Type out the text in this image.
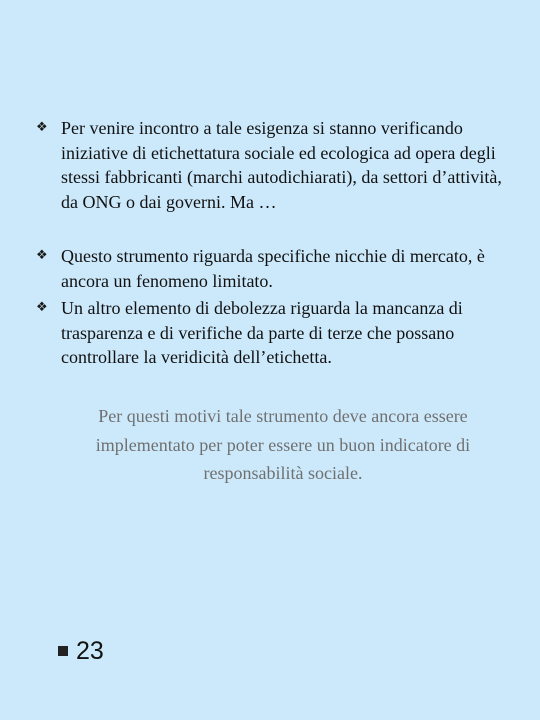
❖ Per venire incontro a tale esigenza si stanno verificando iniziative di etichettatura sociale ed ecologica ad opera degli stessi fabbricanti (marchi autodichiarati), da settori d’attività, da ONG o dai governi. Ma …
❖ Questo strumento riguarda specifiche nicchie di mercato, è ancora un fenomeno limitato.
❖ Un altro elemento di debolezza riguarda la mancanza di trasparenza e di verifiche da parte di terze che possano controllare la veridicità dell’etichetta.
Per questi motivi tale strumento deve ancora essere implementato per poter essere un buon indicatore di responsabilità sociale.
23
